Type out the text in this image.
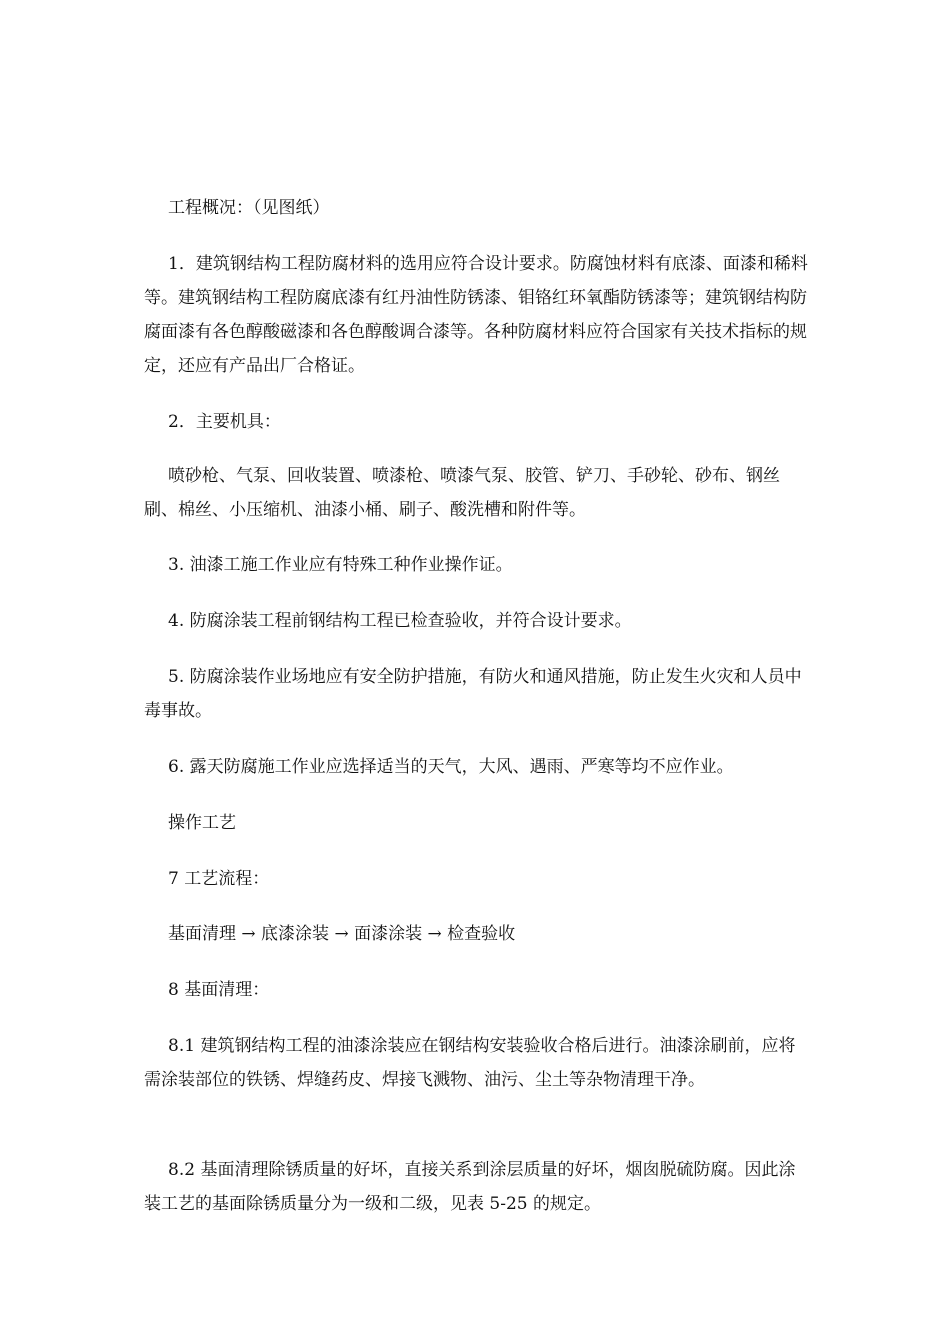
工程概况：（见图纸）

1．建筑钢结构工程防腐材料的选用应符合设计要求。防腐蚀材料有底漆、面漆和稀料等。建筑钢结构工程防腐底漆有红丹油性防锈漆、钼铬红环氧酯防锈漆等；建筑钢结构防腐面漆有各色醇酸磁漆和各色醇酸调合漆等。各种防腐材料应符合国家有关技术指标的规定，还应有产品出厂合格证。

2．主要机具：

喷砂枪、气泵、回收装置、喷漆枪、喷漆气泵、胶管、铲刀、手砂轮、砂布、钢丝刷、棉丝、小压缩机、油漆小桶、刷子、酸洗槽和附件等。

3. 油漆工施工作业应有特殊工种作业操作证。

4. 防腐涂装工程前钢结构工程已检查验收，并符合设计要求。

5. 防腐涂装作业场地应有安全防护措施，有防火和通风措施，防止发生火灾和人员中毒事故。

6. 露天防腐施工作业应选择适当的天气，大风、遇雨、严寒等均不应作业。

操作工艺

7 工艺流程：

基面清理 → 底漆涂装 → 面漆涂装 → 检查验收

8 基面清理：

8.1 建筑钢结构工程的油漆涂装应在钢结构安装验收合格后进行。油漆涂刷前，应将需涂装部位的铁锈、焊缝药皮、焊接飞溅物、油污、尘土等杂物清理干净。

8.2 基面清理除锈质量的好坏，直接关系到涂层质量的好坏，烟囱脱硫防腐。因此涂装工艺的基面除锈质量分为一级和二级，见表 5-25 的规定。
